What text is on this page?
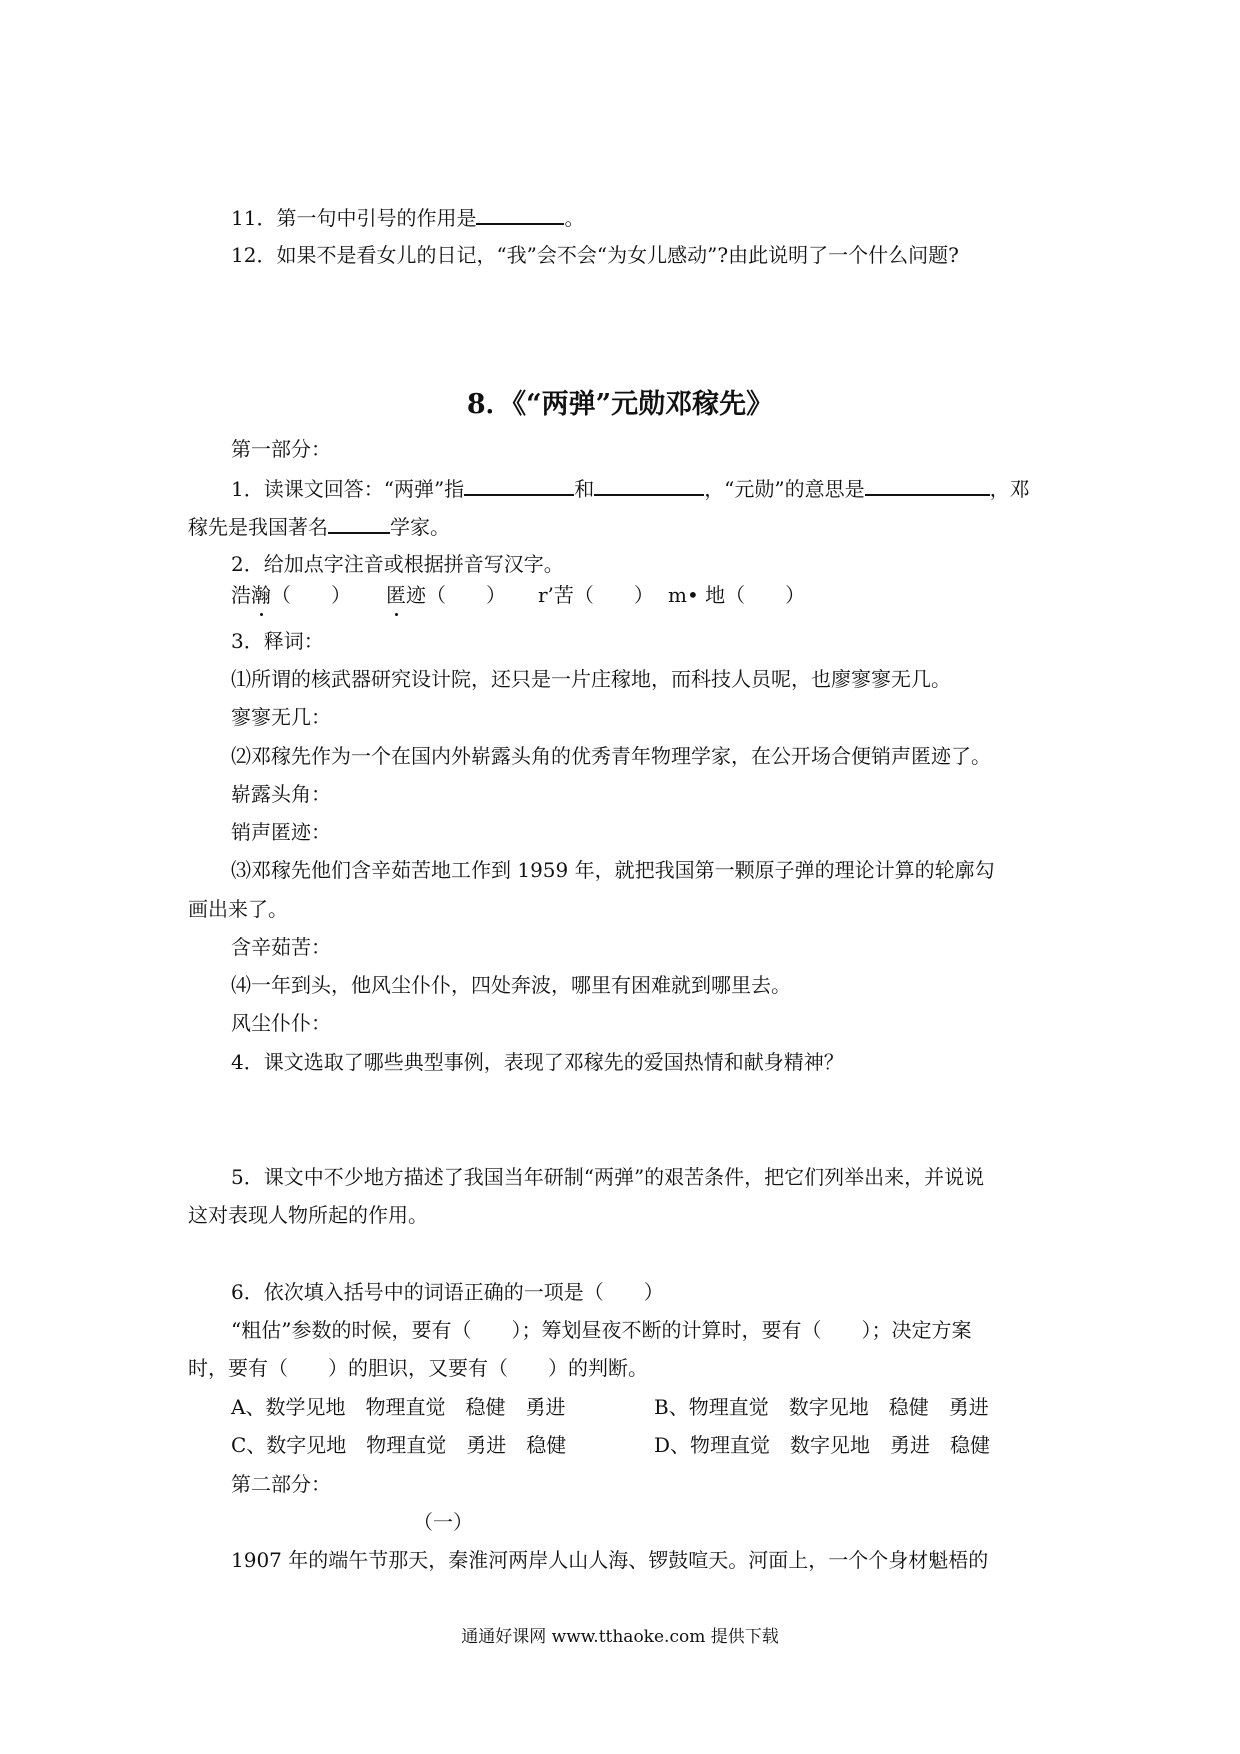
11．第一句中引号的作用是	。
12．如果不是看女儿的日记，“我”会不会“为女儿感动”?由此说明了一个什么问题?
8．《“两弹”元勋邓稼先》
第一部分：
1．读课文回答：“两弹”指	和	，“元勋”的意思是	，邓
稼先是我国著名	学家。
2．给加点字注音或根据拼音写汉字。
浩瀚（　　） 匿迹（　　） r’苦（　　） m• 地（　　）
3．释词：
⑴所谓的核武器研究设计院，还只是一片庄稼地，而科技人员呢，也廖寥寥无几。
寥寥无几：
⑵邓稼先作为一个在国内外崭露头角的优秀青年物理学家，在公开场合便销声匿迹了。
崭露头角：
销声匿迹：
⑶邓稼先他们含辛茹苦地工作到 1959 年，就把我国第一颗原子弹的理论计算的轮廓勾
画出来了。
含辛茹苦：
⑷一年到头，他风尘仆仆，四处奔波，哪里有困难就到哪里去。
风尘仆仆：
4．课文选取了哪些典型事例，表现了邓稼先的爱国热情和献身精神？
5．课文中不少地方描述了我国当年研制“两弹”的艰苦条件，把它们列举出来，并说说
这对表现人物所起的作用。
6．依次填入括号中的词语正确的一项是（　　）
“粗估”参数的时候，要有（　　）；筹划昼夜不断的计算时，要有（　　）；决定方案
时，要有（　　）的胆识，又要有（　　）的判断。
A、数学见地　物理直觉　稳健　勇进	B、物理直觉　数字见地　稳健　勇进
C、数字见地　物理直觉　勇进　稳健	D、物理直觉　数字见地　勇进　稳健
第二部分：
（一）
1907 年的端午节那天，秦淮河两岸人山人海、锣鼓喧天。河面上，一个个身材魁梧的
通通好课网 www.tthaoke.com 提供下载
